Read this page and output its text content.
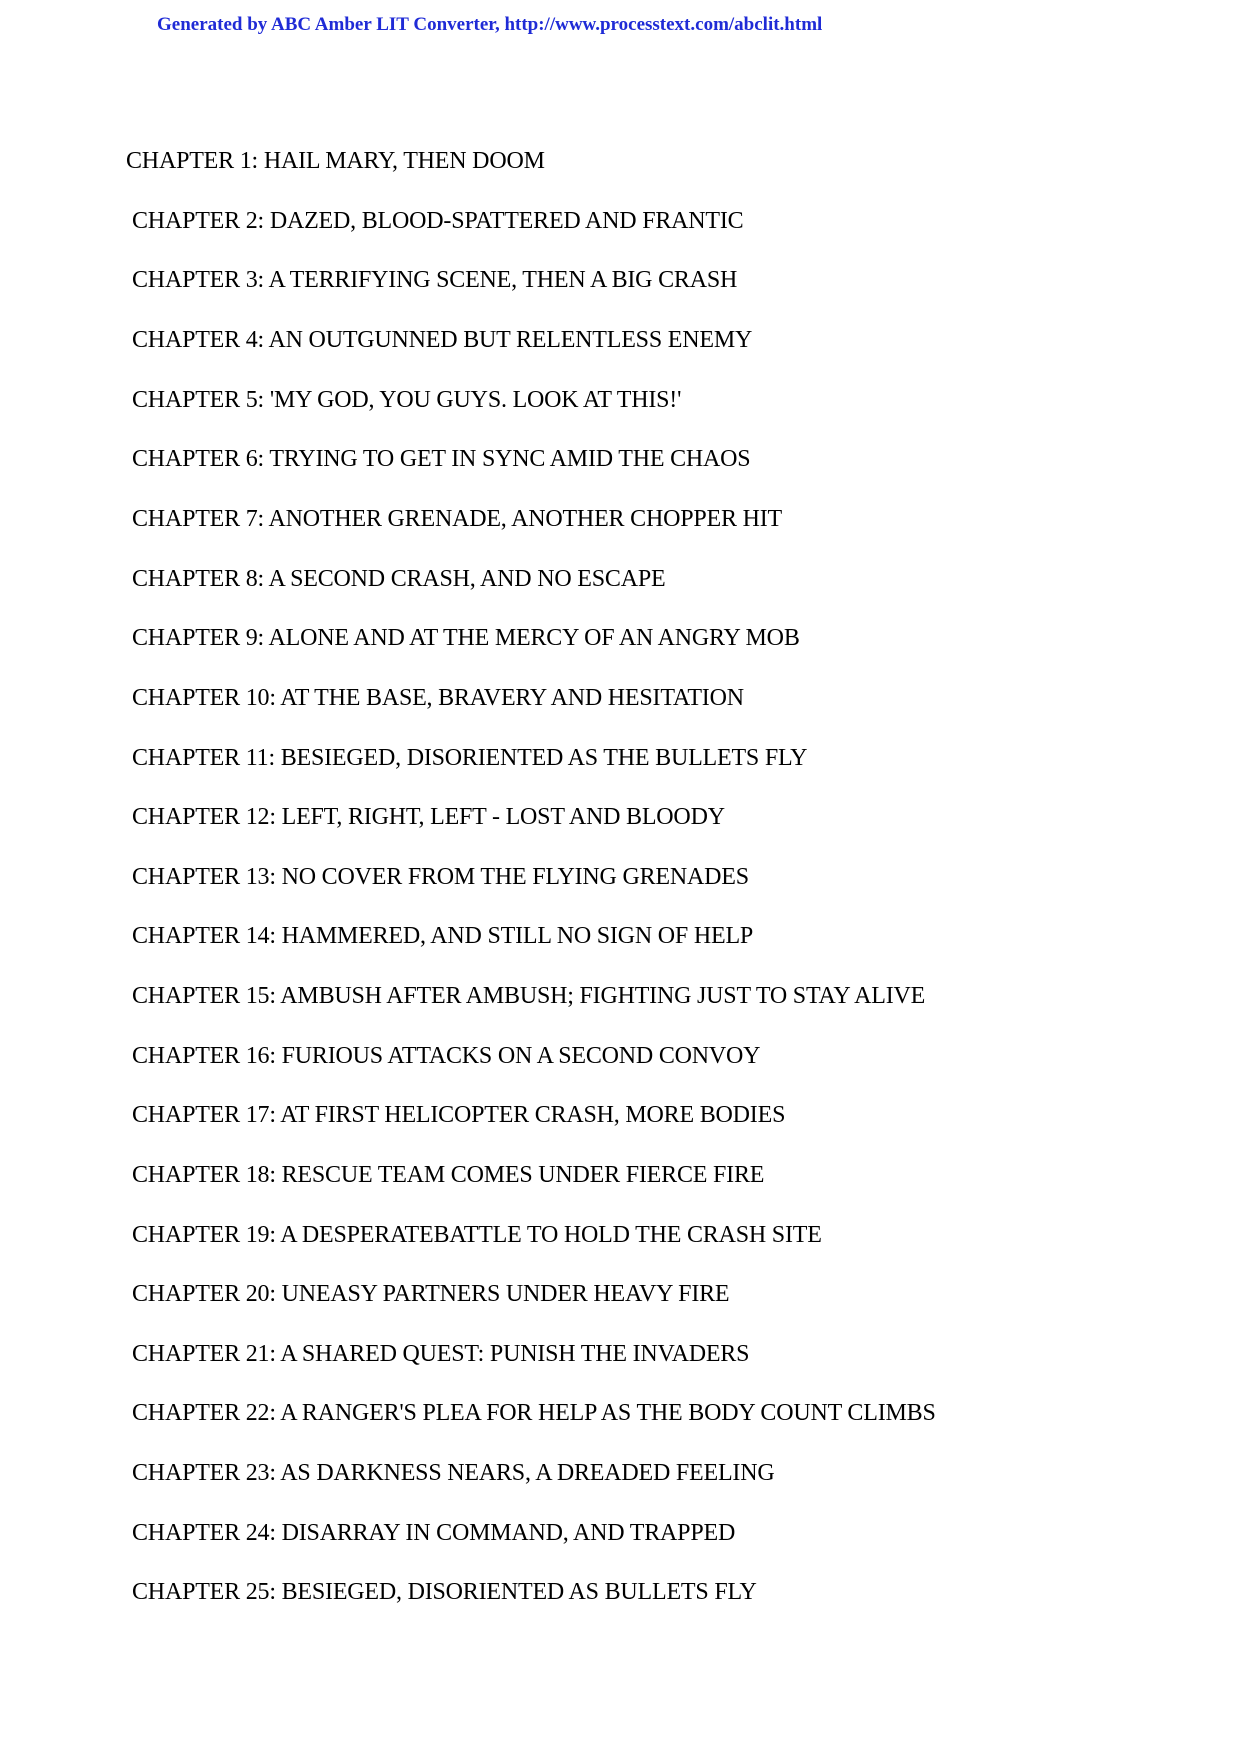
Generated by ABC Amber LIT Converter, http://www.processtext.com/abclit.html
CHAPTER 1: HAIL MARY, THEN DOOM
CHAPTER 2: DAZED, BLOOD-SPATTERED AND FRANTIC
CHAPTER 3: A TERRIFYING SCENE, THEN A BIG CRASH
CHAPTER 4: AN OUTGUNNED BUT RELENTLESS ENEMY
CHAPTER 5: 'MY GOD, YOU GUYS. LOOK AT THIS!'
CHAPTER 6: TRYING TO GET IN SYNC AMID THE CHAOS
CHAPTER 7: ANOTHER GRENADE, ANOTHER CHOPPER HIT
CHAPTER 8: A SECOND CRASH, AND NO ESCAPE
CHAPTER 9: ALONE AND AT THE MERCY OF AN ANGRY MOB
CHAPTER 10: AT THE BASE, BRAVERY AND HESITATION
CHAPTER 11: BESIEGED, DISORIENTED AS THE BULLETS FLY
CHAPTER 12: LEFT, RIGHT, LEFT - LOST AND BLOODY
CHAPTER 13: NO COVER FROM THE FLYING GRENADES
CHAPTER 14: HAMMERED, AND STILL NO SIGN OF HELP
CHAPTER 15: AMBUSH AFTER AMBUSH; FIGHTING JUST TO STAY ALIVE
CHAPTER 16: FURIOUS ATTACKS ON A SECOND CONVOY
CHAPTER 17: AT FIRST HELICOPTER CRASH, MORE BODIES
CHAPTER 18: RESCUE TEAM COMES UNDER FIERCE FIRE
CHAPTER 19: A DESPERATEBATTLE TO HOLD THE CRASH SITE
CHAPTER 20: UNEASY PARTNERS UNDER HEAVY FIRE
CHAPTER 21: A SHARED QUEST: PUNISH THE INVADERS
CHAPTER 22: A RANGER'S PLEA FOR HELP AS THE BODY COUNT CLIMBS
CHAPTER 23: AS DARKNESS NEARS, A DREADED FEELING
CHAPTER 24: DISARRAY IN COMMAND, AND TRAPPED
CHAPTER 25: BESIEGED, DISORIENTED AS BULLETS FLY
